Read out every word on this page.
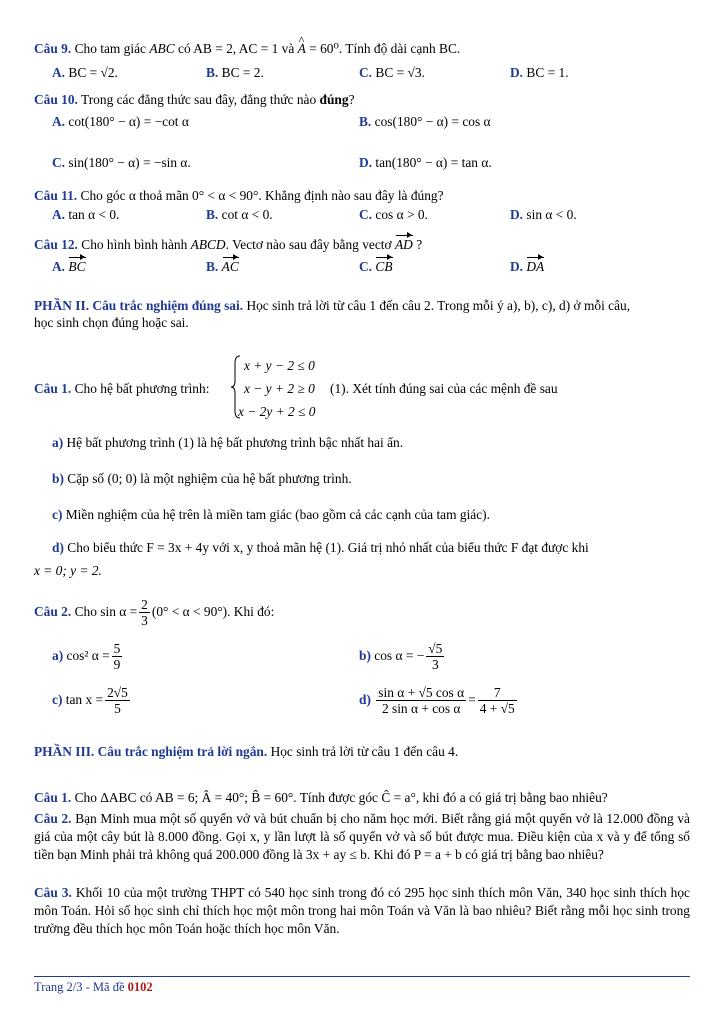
Câu 9. Cho tam giác ABC có AB = 2, AC = 1 và ^ A = 60⁰. Tính độ dài cạnh BC.
A. BC = √2.	B. BC = 2.	C. BC = √3.	D. BC = 1.
Câu 10. Trong các đẳng thức sau đây, đẳng thức nào đúng?
A. cot(180° − α) = −cot α	B. cos(180° − α) = cos α
C. sin(180° − α) = −sin α.	D. tan(180° − α) = tan α.
Câu 11. Cho góc α thoả mãn 0° < α < 90°. Khẳng định nào sau đây là đúng?
A. tan α < 0.	B. cot α < 0.	C. cos α > 0.	D. sin α < 0.
Câu 12. Cho hình bình hành ABCD. Vectơ nào sau đây bằng vectơ AD ?
A. BC	B. AC	C. CB	D. DA
PHẦN II. Câu trắc nghiệm đúng sai. Học sinh trả lời từ câu 1 đến câu 2. Trong mỗi ý a), b), c), d) ở mỗi câu,
học sinh chọn đúng hoặc sai.
Câu 1. Cho hệ bất phương trình:
x + y − 2 ≤ 0
x − y + 2 ≥ 0
x − 2y + 2 ≤ 0
(1). Xét tính đúng sai của các mệnh đề sau
a) Hệ bất phương trình (1) là hệ bất phương trình bậc nhất hai ẩn.
b) Cặp số (0; 0) là một nghiệm của hệ bất phương trình.
c) Miền nghiệm của hệ trên là miền tam giác (bao gồm cả các cạnh của tam giác).
d) Cho biểu thức F = 3x + 4y với x, y thoả mãn hệ (1). Giá trị nhỏ nhất của biểu thức F đạt được khi
x = 0; y = 2.
Câu 2. Cho $\sin \alpha = \frac{2}{3} (0^\circ < \alpha < 90^\circ)$. Khi đó:
a) cos² $\alpha = \frac{5}{9}$	b) cos α = − $\frac{√5}{3}$
c) $\tan x = \frac{2√5}{5}$	$d) \frac{\text{sin α + √5 cos α}}{\text{2 sin α + cos α}} = \frac{7}{4 + √5}$
PHẦN III. Câu trắc nghiệm trả lời ngắn. Học sinh trả lời từ câu 1 đến câu 4.
Câu 1. Cho ΔABC có AB = 6; Â = 40°; B̂ = 60°. Tính được góc Ĉ = a°, khi đó a có giá trị bằng bao nhiêu?
Câu 2. Bạn Minh mua một số quyển vở và bút chuẩn bị cho năm học mới. Biết rằng giá một quyển vở là 12.000 đồng và giá của một cây bút là 8.000 đồng. Gọi x, y lần lượt là số quyển vở và số bút được mua. Điều kiện của x và y để tổng số tiền bạn Minh phải trả không quá 200.000 đồng là 3x + ay ≤ b. Khi đó P = a + b có giá trị bằng bao nhiêu?
Câu 3. Khối 10 của một trường THPT có 540 học sinh trong đó có 295 học sinh thích môn Văn, 340 học sinh thích học môn Toán. Hỏi số học sinh chỉ thích học một môn trong hai môn Toán và Văn là bao nhiêu? Biết rằng mỗi học sinh trong trường đều thích học môn Toán hoặc thích học môn Văn.
Trang 2/3 - Mã đề 0102
